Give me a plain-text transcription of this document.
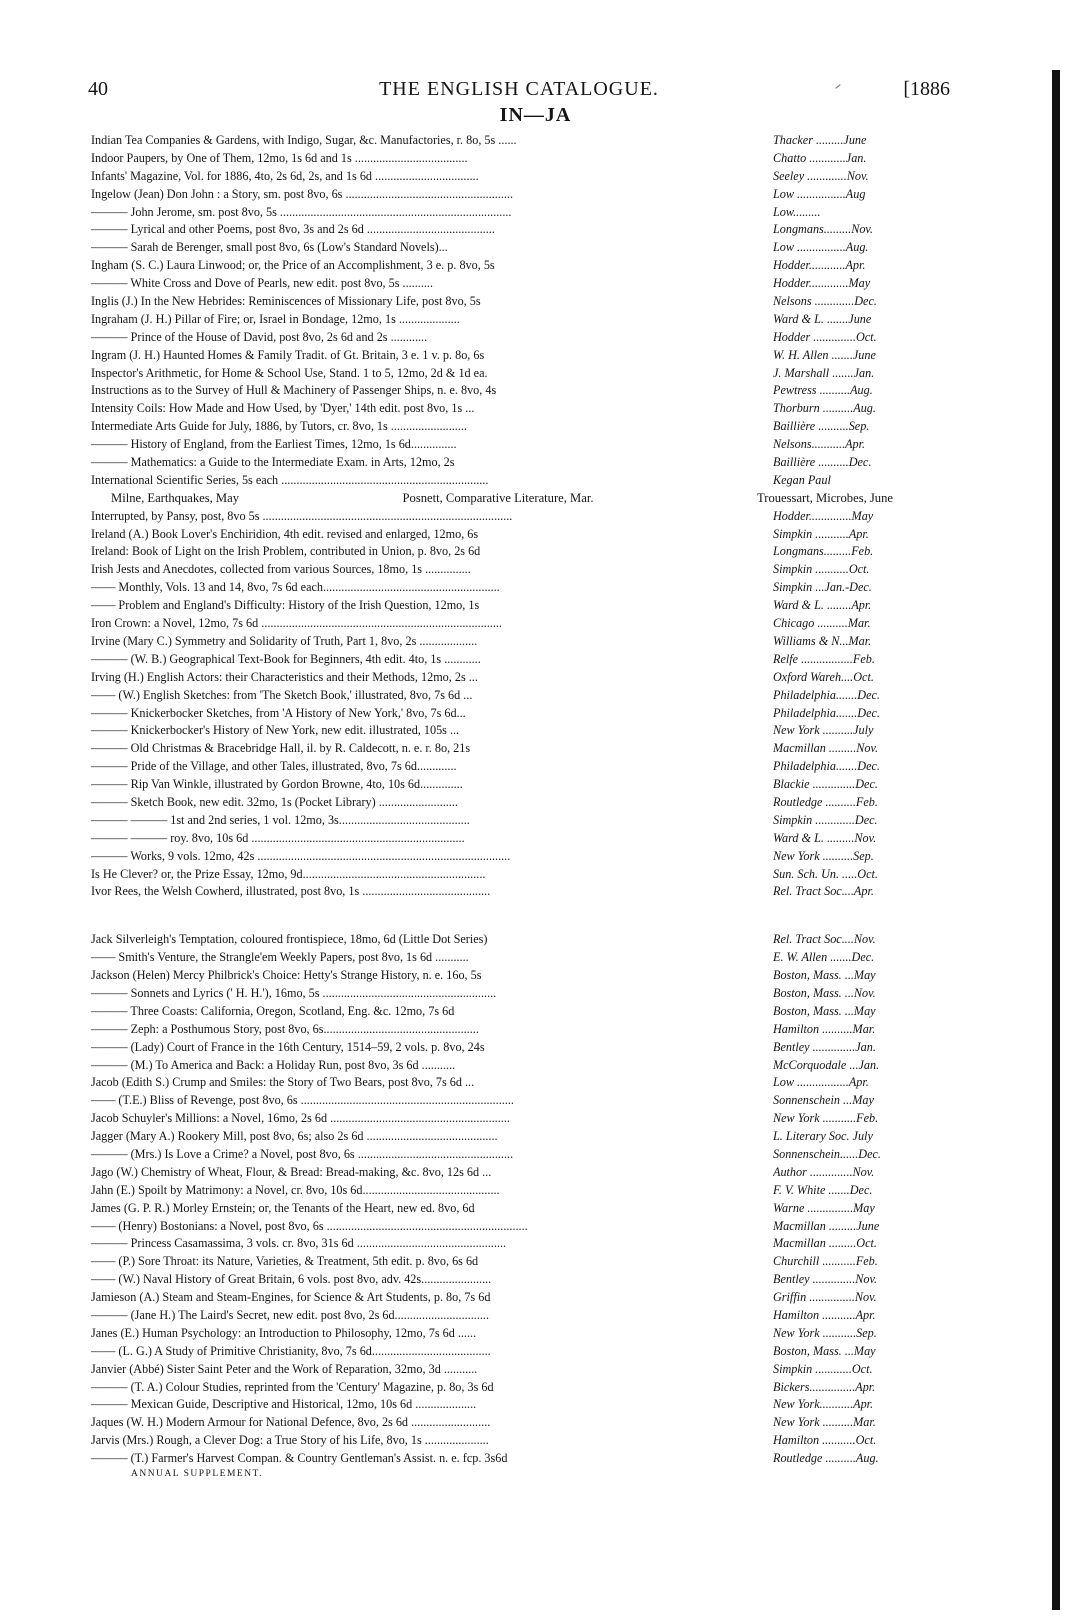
40	THE ENGLISH CATALOGUE.	[1886
IN—JA
Indian Tea Companies & Gardens, with Indigo, Sugar, &c. Manufactories, r. 8o, 5s ......	Thacker .........June
Indoor Paupers, by One of Them, 12mo, 1s 6d and 1s .....................................	Chatto ............Jan.
Infants' Magazine, Vol. for 1886, 4to, 2s 6d, 2s, and 1s 6d ..................................	Seeley .............Nov.
Ingelow (Jean) Don John : a Story, sm. post 8vo, 6s .......................................................	Low ................Aug
——— John Jerome, sm. post 8vo, 5s ............................................................................	Low.........
——— Lyrical and other Poems, post 8vo, 3s and 2s 6d ..........................................	Longmans.........Nov.
——— Sarah de Berenger, small post 8vo, 6s (Low's Standard Novels)...	Low ................Aug.
Ingham (S. C.) Laura Linwood; or, the Price of an Accomplishment, 3 e. p. 8vo, 5s	Hodder............Apr.
——— White Cross and Dove of Pearls, new edit. post 8vo, 5s ..........	Hodder.............May
Inglis (J.) In the New Hebrides: Reminiscences of Missionary Life, post 8vo, 5s	Nelsons .............Dec.
Ingraham (J. H.) Pillar of Fire; or, Israel in Bondage, 12mo, 1s ....................	Ward & L. .......June
——— Prince of the House of David, post 8vo, 2s 6d and 2s ............	Hodder ..............Oct.
Ingram (J. H.) Haunted Homes & Family Tradit. of Gt. Britain, 3 e. 1 v. p. 8o, 6s	W. H. Allen .......June
Inspector's Arithmetic, for Home & School Use, Stand. 1 to 5, 12mo, 2d & 1d ea.	J. Marshall .......Jan.
Instructions as to the Survey of Hull & Machinery of Passenger Ships, n. e. 8vo, 4s	Pewtress ..........Aug.
Intensity Coils: How Made and How Used, by 'Dyer,' 14th edit. post 8vo, 1s ...	Thorburn ..........Aug.
Intermediate Arts Guide for July, 1886, by Tutors, cr. 8vo, 1s .........................	Baillière ..........Sep.
——— History of England, from the Earliest Times, 12mo, 1s 6d...............	Nelsons...........Apr.
——— Mathematics: a Guide to the Intermediate Exam. in Arts, 12mo, 2s	Baillière ..........Dec.
International Scientific Series, 5s each ....................................................................	Kegan Paul
Milne, Earthquakes, May	Posnett, Comparative Literature, Mar.	Trouessart, Microbes, June
Interrupted, by Pansy, post, 8vo 5s ..................................................................................	Hodder..............May
Ireland (A.) Book Lover's Enchiridion, 4th edit. revised and enlarged, 12mo, 6s	Simpkin ...........Apr.
Ireland: Book of Light on the Irish Problem, contributed in Union, p. 8vo, 2s 6d	Longmans.........Feb.
Irish Jests and Anecdotes, collected from various Sources, 18mo, 1s ...............	Simpkin ...........Oct.
—— Monthly, Vols. 13 and 14, 8vo, 7s 6d each..........................................................	Simpkin ...Jan.-Dec.
—— Problem and England's Difficulty: History of the Irish Question, 12mo, 1s	Ward & L. ........Apr.
Iron Crown: a Novel, 12mo, 7s 6d ...............................................................................	Chicago ..........Mar.
Irvine (Mary C.) Symmetry and Solidarity of Truth, Part 1, 8vo, 2s ...................	Williams & N...Mar.
——— (W. B.) Geographical Text-Book for Beginners, 4th edit. 4to, 1s ............	Relfe .................Feb.
Irving (H.) English Actors: their Characteristics and their Methods, 12mo, 2s ...	Oxford Wareh....Oct.
—— (W.) English Sketches: from 'The Sketch Book,' illustrated, 8vo, 7s 6d ...	Philadelphia.......Dec.
——— Knickerbocker Sketches, from 'A History of New York,' 8vo, 7s 6d...	Philadelphia.......Dec.
——— Knickerbocker's History of New York, new edit. illustrated, 105s ...	New York ..........July
——— Old Christmas & Bracebridge Hall, il. by R. Caldecott, n. e. r. 8o, 21s	Macmillan .........Nov.
——— Pride of the Village, and other Tales, illustrated, 8vo, 7s 6d.............	Philadelphia.......Dec.
——— Rip Van Winkle, illustrated by Gordon Browne, 4to, 10s 6d..............	Blackie ..............Dec.
——— Sketch Book, new edit. 32mo, 1s (Pocket Library) ..........................	Routledge ..........Feb.
——— ——— 1st and 2nd series, 1 vol. 12mo, 3s...........................................	Simpkin .............Dec.
——— ——— roy. 8vo, 10s 6d ......................................................................	Ward & L. .........Nov.
——— Works, 9 vols. 12mo, 42s ...................................................................................	New York ..........Sep.
Is He Clever? or, the Prize Essay, 12mo, 9d............................................................	Sun. Sch. Un. .....Oct.
Ivor Rees, the Welsh Cowherd, illustrated, post 8vo, 1s ..........................................	Rel. Tract Soc....Apr.
Jack Silverleigh's Temptation, coloured frontispiece, 18mo, 6d (Little Dot Series)	Rel. Tract Soc....Nov.
—— Smith's Venture, the Strangle'em Weekly Papers, post 8vo, 1s 6d ...........	E. W. Allen .......Dec.
Jackson (Helen) Mercy Philbrick's Choice: Hetty's Strange History, n. e. 16o, 5s	Boston, Mass. ...May
——— Sonnets and Lyrics (' H. H.'), 16mo, 5s .........................................................	Boston, Mass. ...Nov.
——— Three Coasts: California, Oregon, Scotland, Eng. &c. 12mo, 7s 6d	Boston, Mass. ...May
——— Zeph: a Posthumous Story, post 8vo, 6s...................................................	Hamilton ..........Mar.
——— (Lady) Court of France in the 16th Century, 1514–59, 2 vols. p. 8vo, 24s	Bentley ..............Jan.
——— (M.) To America and Back: a Holiday Run, post 8vo, 3s 6d ...........	McCorquodale ...Jan.
Jacob (Edith S.) Crump and Smiles: the Story of Two Bears, post 8vo, 7s 6d ...	Low .................Apr.
—— (T.E.) Bliss of Revenge, post 8vo, 6s ......................................................................	Sonnenschein ...May
Jacob Schuyler's Millions: a Novel, 16mo, 2s 6d ...........................................................	New York ...........Feb.
Jagger (Mary A.) Rookery Mill, post 8vo, 6s; also 2s 6d ...........................................	L. Literary Soc. July
——— (Mrs.) Is Love a Crime? a Novel, post 8vo, 6s ...................................................	Sonnenschein......Dec.
Jago (W.) Chemistry of Wheat, Flour, & Bread: Bread-making, &c. 8vo, 12s 6d ...	Author ..............Nov.
Jahn (E.) Spoilt by Matrimony: a Novel, cr. 8vo, 10s 6d.............................................	F. V. White .......Dec.
James (G. P. R.) Morley Ernstein; or, the Tenants of the Heart, new ed. 8vo, 6d	Warne ...............May
—— (Henry) Bostonians: a Novel, post 8vo, 6s ..................................................................	Macmillan .........June
——— Princess Casamassima, 3 vols. cr. 8vo, 31s 6d .................................................	Macmillan .........Oct.
—— (P.) Sore Throat: its Nature, Varieties, & Treatment, 5th edit. p. 8vo, 6s 6d	Churchill ...........Feb.
—— (W.) Naval History of Great Britain, 6 vols. post 8vo, adv. 42s.......................	Bentley ..............Nov.
Jamieson (A.) Steam and Steam-Engines, for Science & Art Students, p. 8o, 7s 6d	Griffin ...............Nov.
——— (Jane H.) The Laird's Secret, new edit. post 8vo, 2s 6d...............................	Hamilton ...........Apr.
Janes (E.) Human Psychology: an Introduction to Philosophy, 12mo, 7s 6d ......	New York ...........Sep.
—— (L. G.) A Study of Primitive Christianity, 8vo, 7s 6d.......................................	Boston, Mass. ...May
Janvier (Abbé) Sister Saint Peter and the Work of Reparation, 32mo, 3d ...........	Simpkin ............Oct.
——— (T. A.) Colour Studies, reprinted from the 'Century' Magazine, p. 8o, 3s 6d	Bickers...............Apr.
——— Mexican Guide, Descriptive and Historical, 12mo, 10s 6d ....................	New York...........Apr.
Jaques (W. H.) Modern Armour for National Defence, 8vo, 2s 6d ..........................	New York ..........Mar.
Jarvis (Mrs.) Rough, a Clever Dog: a True Story of his Life, 8vo, 1s .....................	Hamilton ...........Oct.
——— (T.) Farmer's Harvest Compan. & Country Gentleman's Assist. n. e. fcp. 3s6d	Routledge ..........Aug.
ANNUAL SUPPLEMENT.
